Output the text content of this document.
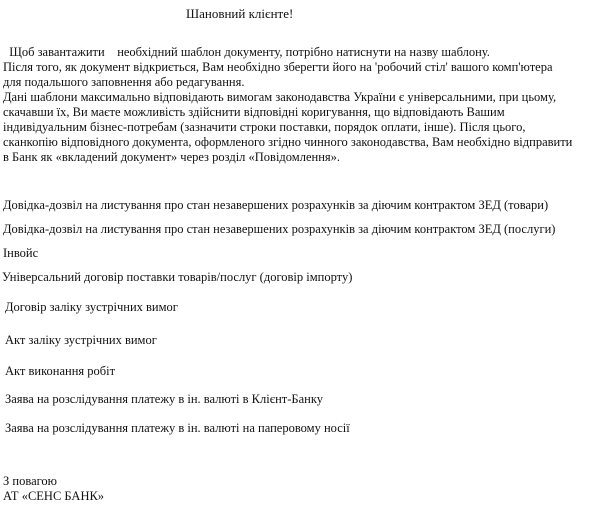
Шановний клієнте!
Щоб завантажити    необхідний шаблон документу, потрібно натиснути на назву шаблону.
Після того, як документ відкриється, Вам необхідно зберегти його на 'робочий стіл' вашого комп'ютера
для подальшого заповнення або редагування.
Дані шаблони максимально відповідають вимогам законодавства України є універсальними, при цьому,
скачавши їх, Ви маєте можливість здійснити відповідні коригування, що відповідають Вашим
індивідуальним бізнес-потребам (зазначити строки поставки, порядок оплати, інше). Після цього,
сканкопію відповідного документа, оформленого згідно чинного законодавства, Вам необхідно відправити
в Банк як «вкладений документ» через розділ «Повідомлення».
Довідка-дозвіл на листування про стан незавершених розрахунків за діючим контрактом ЗЕД (товари)
Довідка-дозвіл на листування про стан незавершених розрахунків за діючим контрактом ЗЕД (послуги)
Інвойс
Універсальний договір поставки товарів/послуг (договір імпорту)
Договір заліку зустрічних вимог
Акт заліку зустрічних вимог
Акт виконання робіт
Заява на розслідування платежу в ін. валюті в Клієнт-Банку
Заява на розслідування платежу в ін. валюті на паперовому носії
З повагою
АТ «СЕНС БАНК»
